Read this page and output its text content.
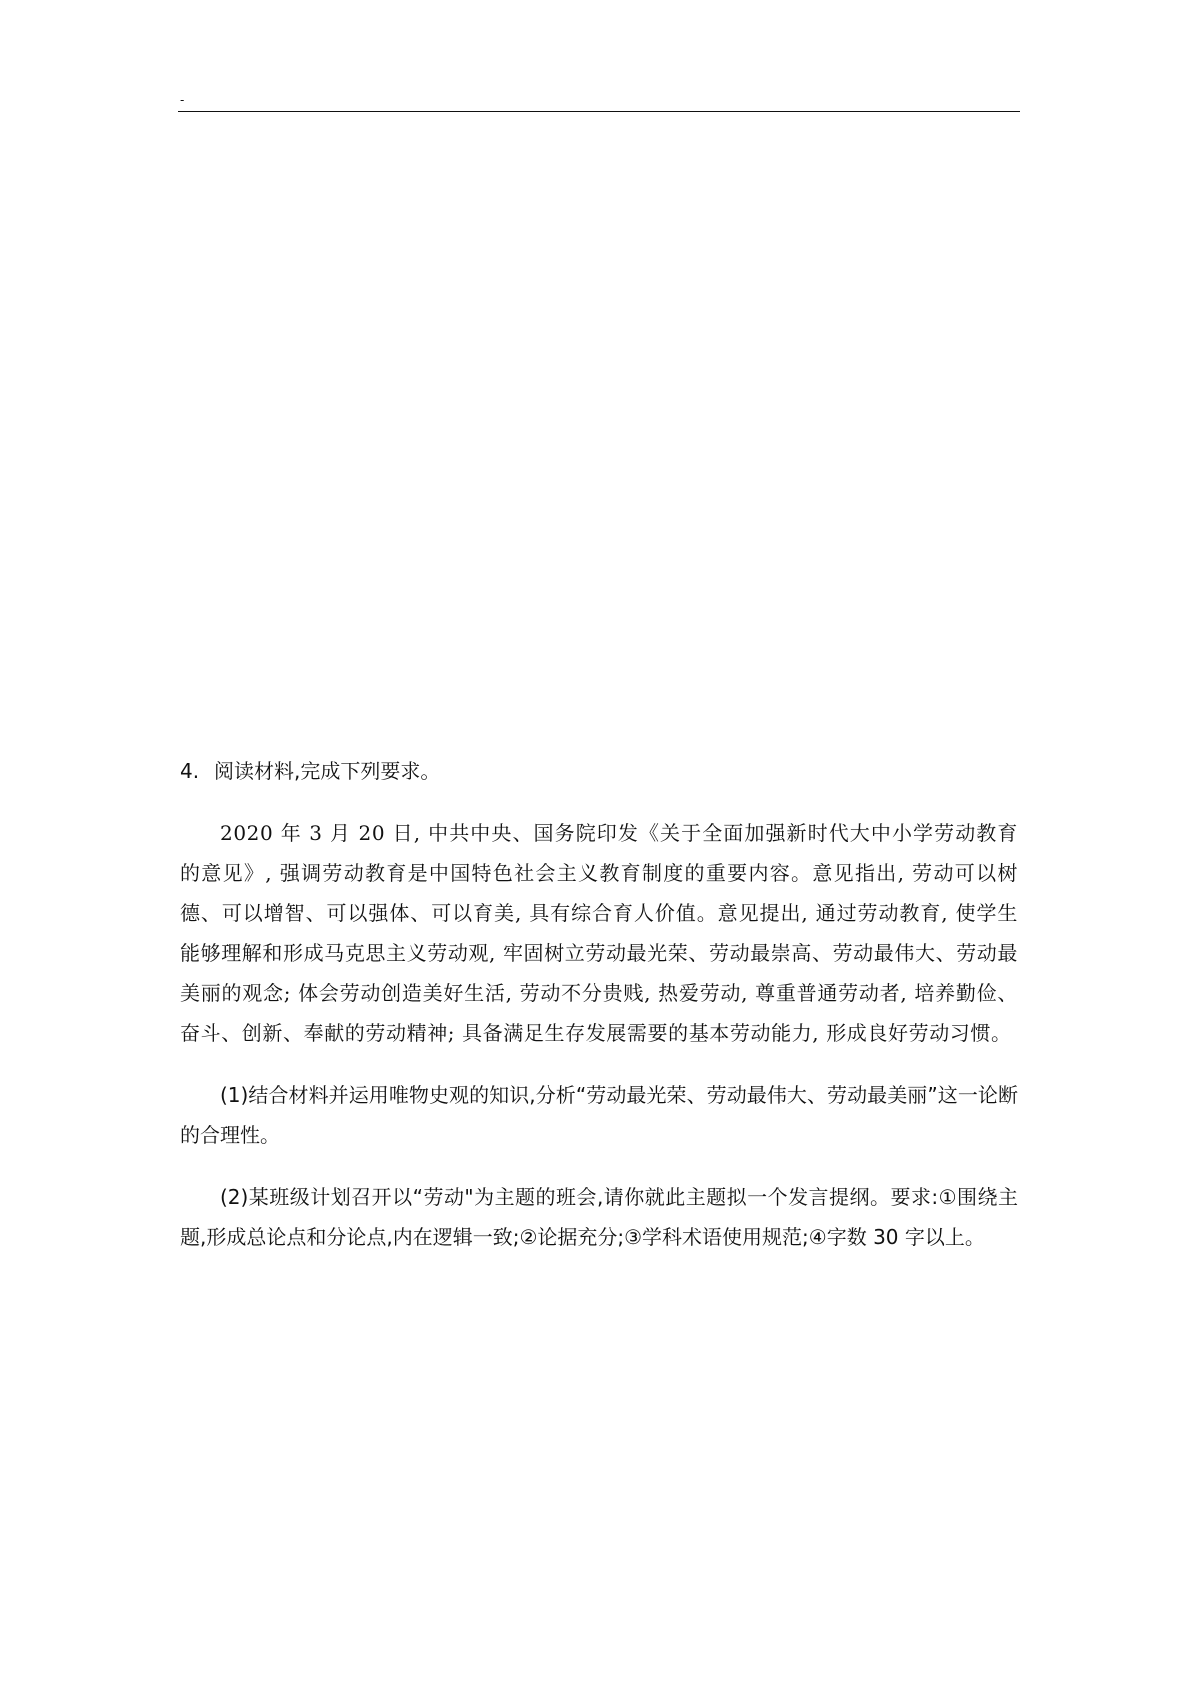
-

4. 阅读材料,完成下列要求。

2020 年 3 月 20 日, 中共中央、国务院印发《关于全面加强新时代大中小学劳动教育的意见》, 强调劳动教育是中国特色社会主义教育制度的重要内容。意见指出, 劳动可以树德、可以增智、可以强体、可以育美, 具有综合育人价值。意见提出, 通过劳动教育, 使学生能够理解和形成马克思主义劳动观, 牢固树立劳动最光荣、劳动最崇高、劳动最伟大、劳动最美丽的观念; 体会劳动创造美好生活, 劳动不分贵贱, 热爱劳动, 尊重普通劳动者, 培养勤俭、奋斗、创新、奉献的劳动精神; 具备满足生存发展需要的基本劳动能力, 形成良好劳动习惯。

(1)结合材料并运用唯物史观的知识,分析“劳动最光荣、劳动最伟大、劳动最美丽”这一论断的合理性。

(2)某班级计划召开以“劳动"为主题的班会,请你就此主题拟一个发言提纲。要求:①围绕主题,形成总论点和分论点,内在逻辑一致;②论据充分;③学科术语使用规范;④字数 30 字以上。
